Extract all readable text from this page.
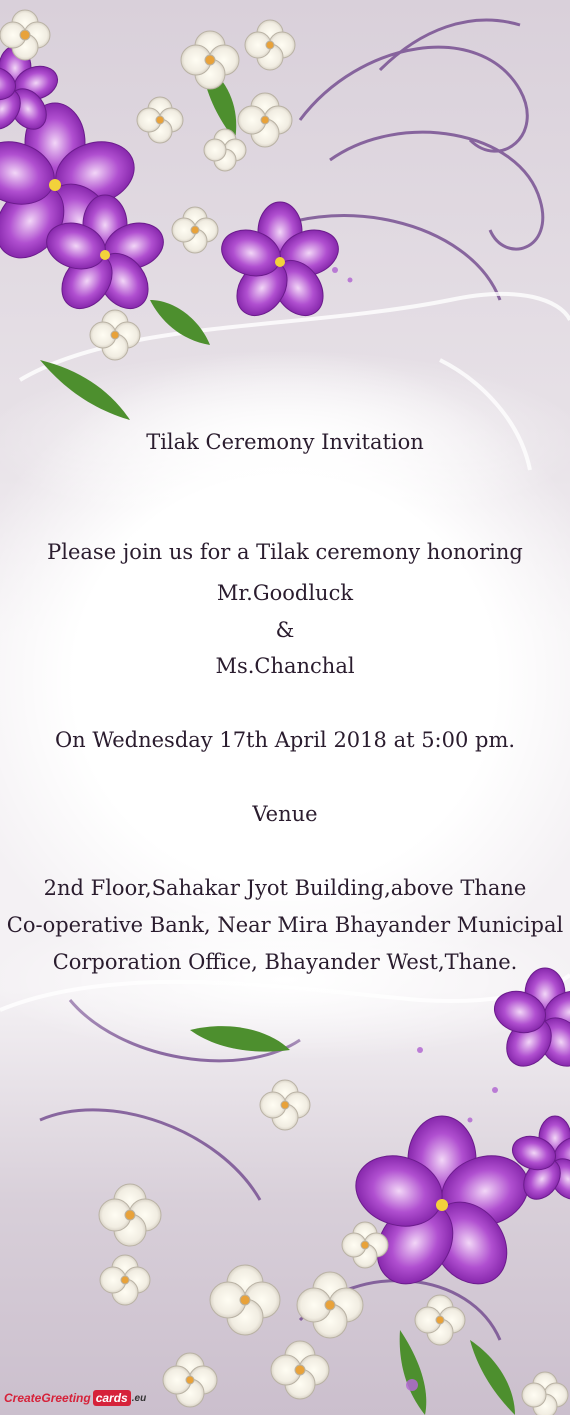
Tilak Ceremony Invitation
Please join us for a Tilak ceremony honoring
Mr.Goodluck
&
Ms.Chanchal
On Wednesday 17th April 2018 at 5:00 pm.
Venue
2nd Floor,Sahakar Jyot Building,above Thane
Co-operative Bank, Near Mira Bhayander Municipal
Corporation Office, Bhayander West,Thane.
CreateGreeting cards .eu
